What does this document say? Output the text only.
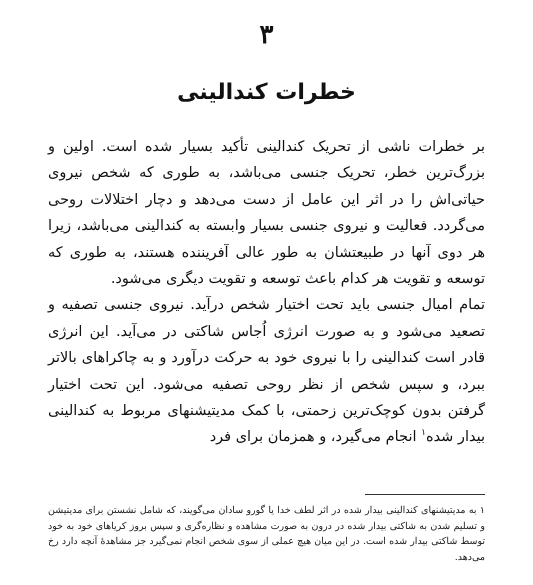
۳
خطرات کندالینی

بر خطرات ناشی از تحریک کندالینی تأکید بسیار شده است. اولین و بزرگ‌ترین خطر، تحریک جنسی می‌باشد، به طوری که شخص نیروی حیاتی‌اش را در اثر این عامل از دست می‌دهد و دچار اختلالات روحی می‌گردد. فعالیت و نیروی جنسی بسیار وابسته به کندالینی می‌باشد، زیرا هر دوی آنها در طبیعتشان به طور عالی آفریننده هستند، به طوری که توسعه و تقویت هر کدام باعث توسعه و تقویت دیگری می‌شود.

تمام امیال جنسی باید تحت اختیار شخص درآید. نیروی جنسی تصفیه و تصعید می‌شود و به صورت انرژی اُجاس شاکتی در می‌آید. این انرژی قادر است کندالینی را با نیروی خود به حرکت درآورد و به چاکراهای بالاتر ببرد، و سپس شخص از نظر روحی تصفیه می‌شود. این تحت اختیار گرفتن بدون کوچک‌ترین زحمتی، با کمک مدیتیشنهای مربوط به کندالینی بیدار شده$^۱$ انجام می‌گیرد، و همزمان برای فرد

۱ به مدیتیشنهای کندالینی بیدار شده در اثر لطف خدا یا گورو سادان می‌گویند، که شامل نشستن برای مدیتیشن و تسلیم شدن به شاکتی بیدار شده در درون به صورت مشاهده و نظاره‌گری و سپس بروز کریاهای خود به خود توسط شاکتی بیدار شده است. در این میان هیچ عملی از سوی شخص انجام نمی‌گیرد جز مشاهدهٔ آنچه دارد رخ می‌دهد.
